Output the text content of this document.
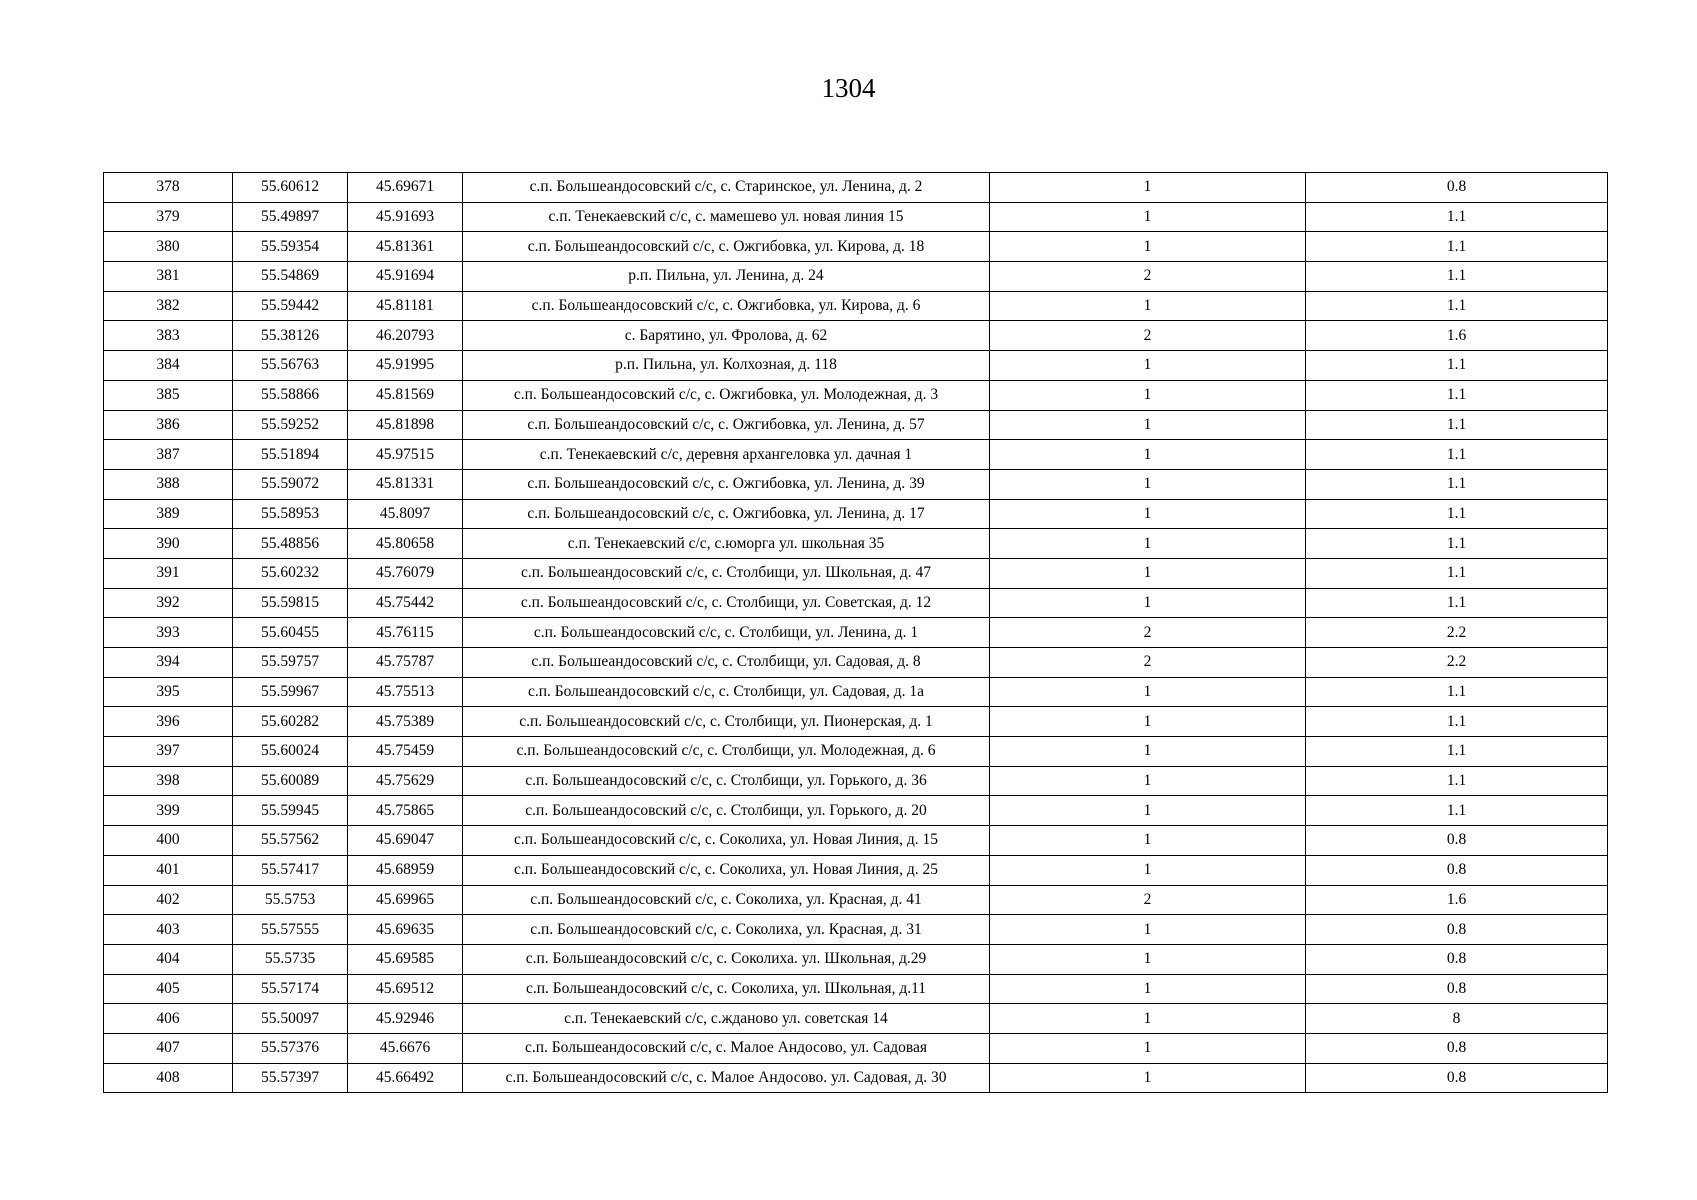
1304
378	55.60612	45.69671	с.п. Большеандосовский с/с, с. Старинское, ул. Ленина, д. 2	1	0.8
379	55.49897	45.91693	с.п. Тенекаевский с/с, с. мамешево ул. новая линия 15	1	1.1
380	55.59354	45.81361	с.п. Большеандосовский с/с, с. Ожгибовка, ул. Кирова, д. 18	1	1.1
381	55.54869	45.91694	р.п. Пильна, ул. Ленина, д. 24	2	1.1
382	55.59442	45.81181	с.п. Большеандосовский с/с, с. Ожгибовка, ул. Кирова, д. 6	1	1.1
383	55.38126	46.20793	с. Барятино, ул. Фролова, д. 62	2	1.6
384	55.56763	45.91995	р.п. Пильна, ул. Колхозная, д. 118	1	1.1
385	55.58866	45.81569	с.п. Большеандосовский с/с, с. Ожгибовка, ул. Молодежная, д. 3	1	1.1
386	55.59252	45.81898	с.п. Большеандосовский с/с, с. Ожгибовка, ул. Ленина, д. 57	1	1.1
387	55.51894	45.97515	с.п. Тенекаевский с/с, деревня архангеловка ул. дачная 1	1	1.1
388	55.59072	45.81331	с.п. Большеандосовский с/с, с. Ожгибовка, ул. Ленина, д. 39	1	1.1
389	55.58953	45.8097	с.п. Большеандосовский с/с, с. Ожгибовка, ул. Ленина, д. 17	1	1.1
390	55.48856	45.80658	с.п. Тенекаевский с/с, с.юморга ул. школьная 35	1	1.1
391	55.60232	45.76079	с.п. Большеандосовский с/с, с. Столбищи, ул. Школьная, д. 47	1	1.1
392	55.59815	45.75442	с.п. Большеандосовский с/с, с. Столбищи, ул. Советская, д. 12	1	1.1
393	55.60455	45.76115	с.п. Большеандосовский с/с, с. Столбищи, ул. Ленина, д. 1	2	2.2
394	55.59757	45.75787	с.п. Большеандосовский с/с, с. Столбищи, ул. Садовая, д. 8	2	2.2
395	55.59967	45.75513	с.п. Большеандосовский с/с, с. Столбищи, ул. Садовая, д. 1а	1	1.1
396	55.60282	45.75389	с.п. Большеандосовский с/с, с. Столбищи, ул. Пионерская, д. 1	1	1.1
397	55.60024	45.75459	с.п. Большеандосовский с/с, с. Столбищи, ул. Молодежная, д. 6	1	1.1
398	55.60089	45.75629	с.п. Большеандосовский с/с, с. Столбищи, ул. Горького, д. 36	1	1.1
399	55.59945	45.75865	с.п. Большеандосовский с/с, с. Столбищи, ул. Горького, д. 20	1	1.1
400	55.57562	45.69047	с.п. Большеандосовский с/с, с. Соколиха, ул. Новая Линия, д. 15	1	0.8
401	55.57417	45.68959	с.п. Большеандосовский с/с, с. Соколиха, ул. Новая Линия, д. 25	1	0.8
402	55.5753	45.69965	с.п. Большеандосовский с/с, с. Соколиха, ул. Красная, д. 41	2	1.6
403	55.57555	45.69635	с.п. Большеандосовский с/с, с. Соколиха, ул. Красная, д. 31	1	0.8
404	55.5735	45.69585	с.п. Большеандосовский с/с, с. Соколиха. ул. Школьная, д.29	1	0.8
405	55.57174	45.69512	с.п. Большеандосовский с/с, с. Соколиха, ул. Школьная, д.11	1	0.8
406	55.50097	45.92946	с.п. Тенекаевский с/с, с.жданово ул. советская 14	1	8
407	55.57376	45.6676	с.п. Большеандосовский с/с, с. Малое Андосово, ул. Садовая	1	0.8
408	55.57397	45.66492	с.п. Большеандосовский с/с, с. Малое Андосово. ул. Садовая, д. 30	1	0.8
